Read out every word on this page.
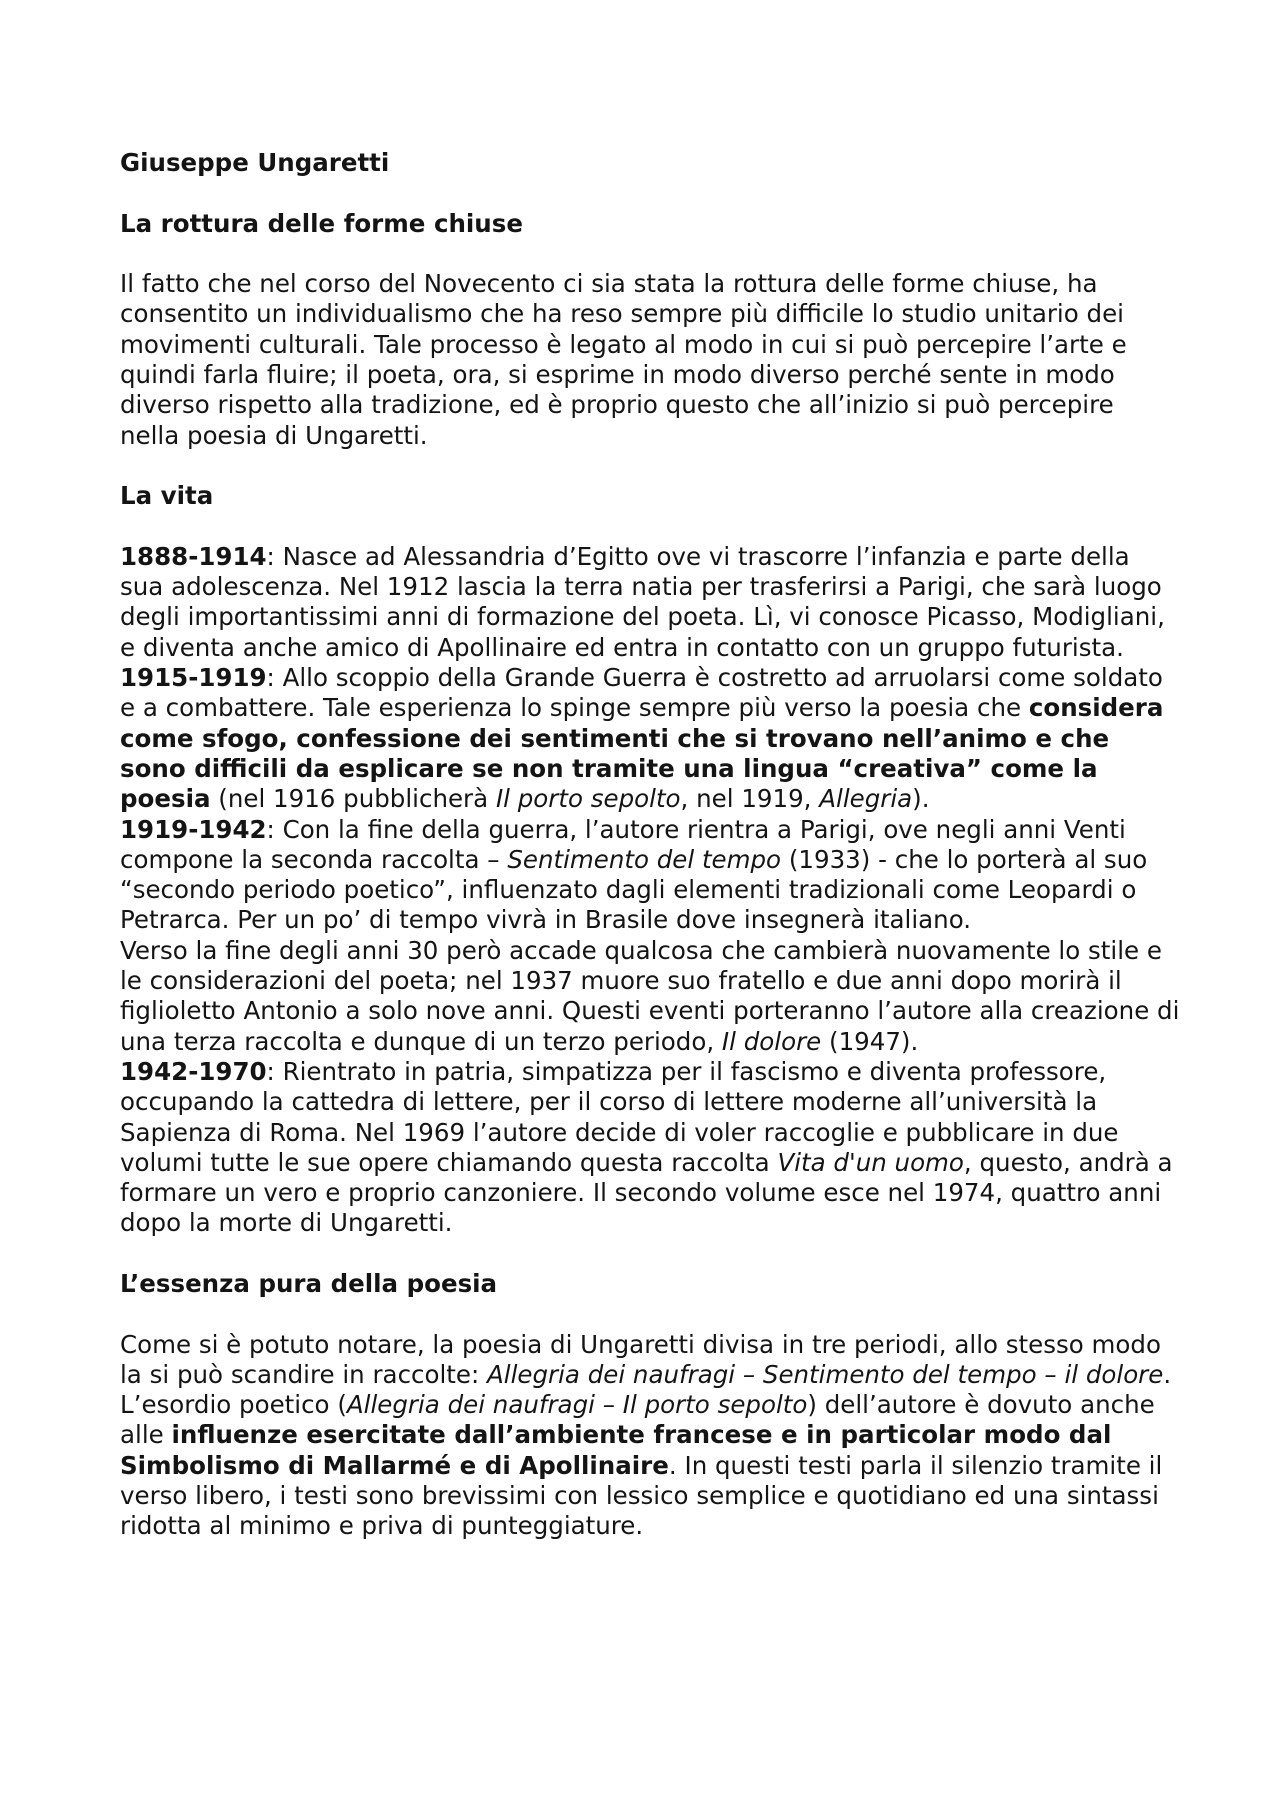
Giuseppe Ungaretti

La rottura delle forme chiuse

Il fatto che nel corso del Novecento ci sia stata la rottura delle forme chiuse, ha consentito un individualismo che ha reso sempre più difficile lo studio unitario dei movimenti culturali. Tale processo è legato al modo in cui si può percepire l’arte e quindi farla fluire; il poeta, ora, si esprime in modo diverso perché sente in modo diverso rispetto alla tradizione, ed è proprio questo che all’inizio si può percepire nella poesia di Ungaretti.

La vita

1888-1914: Nasce ad Alessandria d’Egitto ove vi trascorre l’infanzia e parte della sua adolescenza. Nel 1912 lascia la terra natia per trasferirsi a Parigi, che sarà luogo degli importantissimi anni di formazione del poeta. Lì, vi conosce Picasso, Modigliani, e diventa anche amico di Apollinaire ed entra in contatto con un gruppo futurista.

1915-1919: Allo scoppio della Grande Guerra è costretto ad arruolarsi come soldato e a combattere. Tale esperienza lo spinge sempre più verso la poesia che considera come sfogo, confessione dei sentimenti che si trovano nell’animo e che sono difficili da esplicare se non tramite una lingua “creativa” come la poesia (nel 1916 pubblicherà Il porto sepolto, nel 1919, Allegria).

1919-1942: Con la fine della guerra, l’autore rientra a Parigi, ove negli anni Venti compone la seconda raccolta – Sentimento del tempo (1933) - che lo porterà al suo “secondo periodo poetico”, influenzato dagli elementi tradizionali come Leopardi o Petrarca. Per un po’ di tempo vivrà in Brasile dove insegnerà italiano.

Verso la fine degli anni 30 però accade qualcosa che cambierà nuovamente lo stile e le considerazioni del poeta; nel 1937 muore suo fratello e due anni dopo morirà il figlioletto Antonio a solo nove anni. Questi eventi porteranno l’autore alla creazione di una terza raccolta e dunque di un terzo periodo, Il dolore (1947).

1942-1970: Rientrato in patria, simpatizza per il fascismo e diventa professore, occupando la cattedra di lettere, per il corso di lettere moderne all’università la Sapienza di Roma. Nel 1969 l’autore decide di voler raccoglie e pubblicare in due volumi tutte le sue opere chiamando questa raccolta Vita d'un uomo, questo, andrà a formare un vero e proprio canzoniere. Il secondo volume esce nel 1974, quattro anni dopo la morte di Ungaretti.

L’essenza pura della poesia

Come si è potuto notare, la poesia di Ungaretti divisa in tre periodi, allo stesso modo la si può scandire in raccolte: Allegria dei naufragi – Sentimento del tempo – il dolore.

L’esordio poetico (Allegria dei naufragi – Il porto sepolto) dell’autore è dovuto anche alle influenze esercitate dall’ambiente francese e in particolar modo dal Simbolismo di Mallarmé e di Apollinaire. In questi testi parla il silenzio tramite il verso libero, i testi sono brevissimi con lessico semplice e quotidiano ed una sintassi ridotta al minimo e priva di punteggiature.
